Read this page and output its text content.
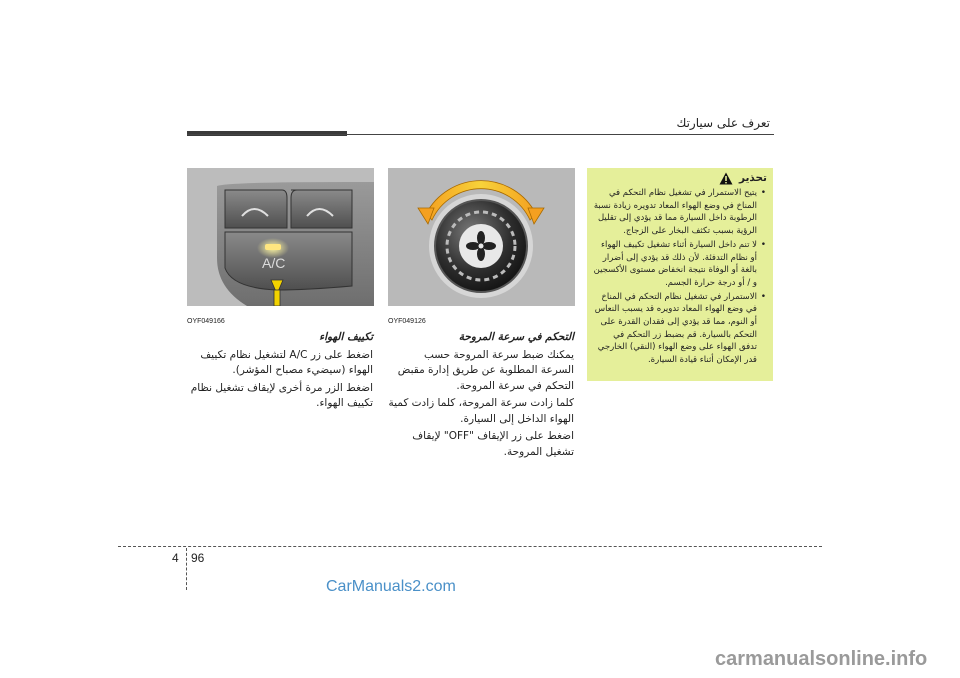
تعرف على سيارتك
A/C
OYF049166	OYF049126
تكييف الهواء

اضغط على زر A/C لتشغيل نظام تكييف الهواء (سيضيء مصباح المؤشر).

اضغط الزر مرة أخرى لإيقاف تشغيل نظام تكييف الهواء.

التحكم في سرعة المروحة

يمكنك ضبط سرعة المروحة حسب السرعة المطلوبة عن طريق إدارة مقبض التحكم في سرعة المروحة.

كلما زادت سرعة المروحة، كلما زادت كمية الهواء الداخل إلى السيارة.

اضغط على زر الإيقاف "OFF" لإيقاف تشغيل المروحة.

تحذير
• يتيح الاستمرار في تشغيل نظام التحكم في المناخ في وضع الهواء المعاد تدويره زيادة نسبة الرطوبة داخل السيارة مما قد يؤدي إلى تقليل الرؤية بسبب تكثف البخار على الزجاج.
• لا تنم داخل السيارة أثناء تشغيل تكييف الهواء أو نظام التدفئة. لأن ذلك قد يؤدي إلى أضرار بالغة أو الوفاة نتيجة انخفاض مستوى الأكسجين و / أو درجة حرارة الجسم.
• الاستمرار في تشغيل نظام التحكم في المناخ في وضع الهواء المعاد تدويره قد يسبب النعاس أو النوم، مما قد يؤدي إلى فقدان القدرة على التحكم بالسيارة. قم بضبط زر التحكم في تدفق الهواء على وضع الهواء (النقي) الخارجي قدر الإمكان أثناء قيادة السيارة.
4 96
CarManuals2.com
carmanualsonline.info
